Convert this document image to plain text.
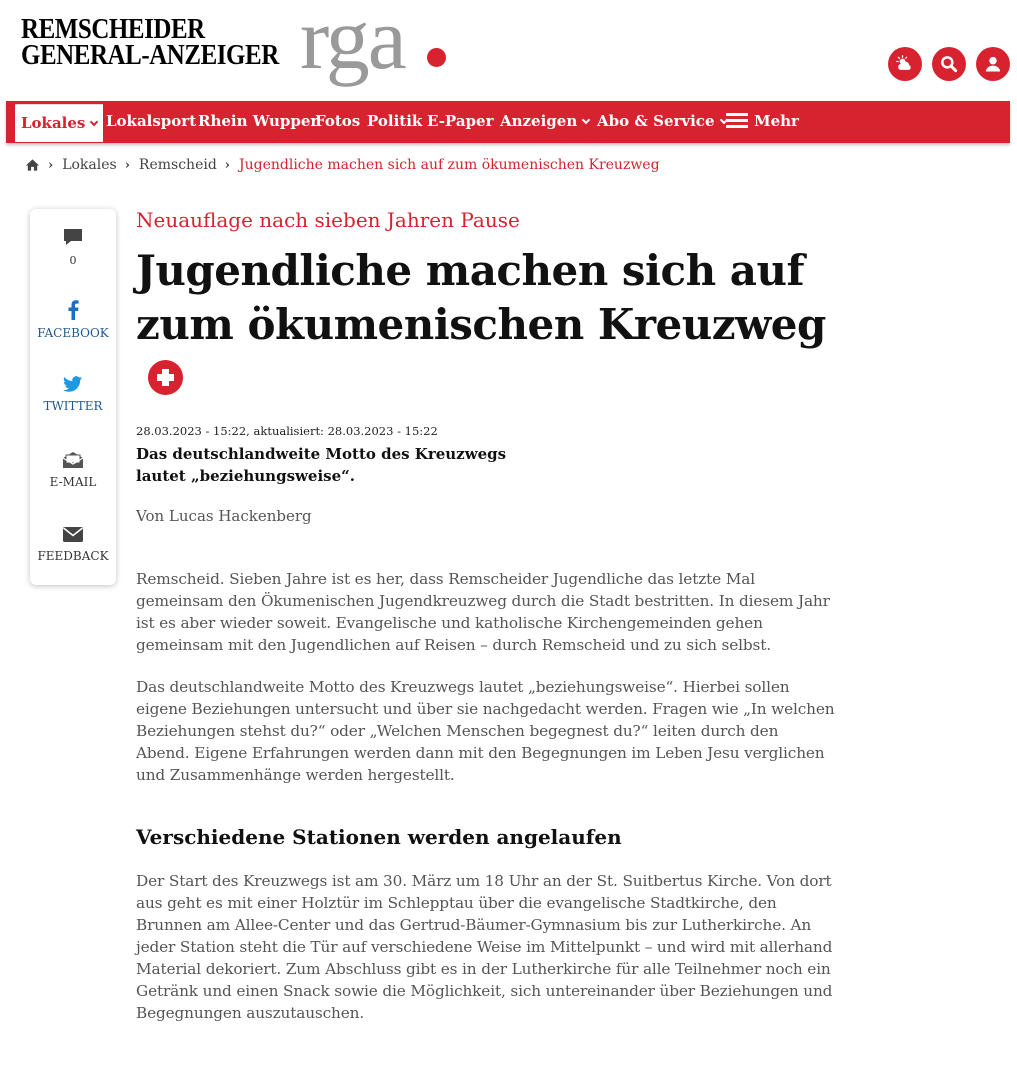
REMSCHEIDER
GENERAL-ANZEIGER rga
Lokales	Lokalsport Rhein Wupper
Fotos Politik E-Paper Anzeigen	Abo & Service	Mehr
› Lokales › Remscheid › Jugendliche machen sich auf zum ökumenischen Kreuzweg
0
FACEBOOK
TWITTER
E-MAIL
FEEDBACK
Neuauflage nach sieben Jahren Pause
Jugendliche machen sich auf
zum ökumenischen Kreuzweg
28.03.2023 - 15:22, aktualisiert: 28.03.2023 - 15:22
Das deutschlandweite Motto des Kreuzwegs lautet „beziehungsweise“.
Von Lucas Hackenberg
Remscheid. Sieben Jahre ist es her, dass Remscheider Jugendliche das letzte Mal gemeinsam den Ökumenischen Jugendkreuzweg durch die Stadt bestritten. In diesem Jahr ist es aber wieder soweit. Evangelische und katholische Kirchengemeinden gehen gemeinsam mit den Jugendlichen auf Reisen – durch Remscheid und zu sich selbst.
Das deutschlandweite Motto des Kreuzwegs lautet „beziehungsweise“. Hierbei sollen eigene Beziehungen untersucht und über sie nachgedacht werden. Fragen wie „In welchen Beziehungen stehst du?“ oder „Welchen Menschen begegnest du?“ leiten durch den Abend. Eigene Erfahrungen werden dann mit den Begegnungen im Leben Jesu verglichen und Zusammenhänge werden hergestellt.
Verschiedene Stationen werden angelaufen
Der Start des Kreuzwegs ist am 30. März um 18 Uhr an der St. Suitbertus Kirche. Von dort aus geht es mit einer Holztür im Schlepptau über die evangelische Stadtkirche, den Brunnen am Allee-Center und das Gertrud-Bäumer-Gymnasium bis zur Lutherkirche. An jeder Station steht die Tür auf verschiedene Weise im Mittelpunkt – und wird mit allerhand Material dekoriert. Zum Abschluss gibt es in der Lutherkirche für alle Teilnehmer noch ein Getränk und einen Snack sowie die Möglichkeit, sich untereinander über Beziehungen und Begegnungen auszutauschen.
